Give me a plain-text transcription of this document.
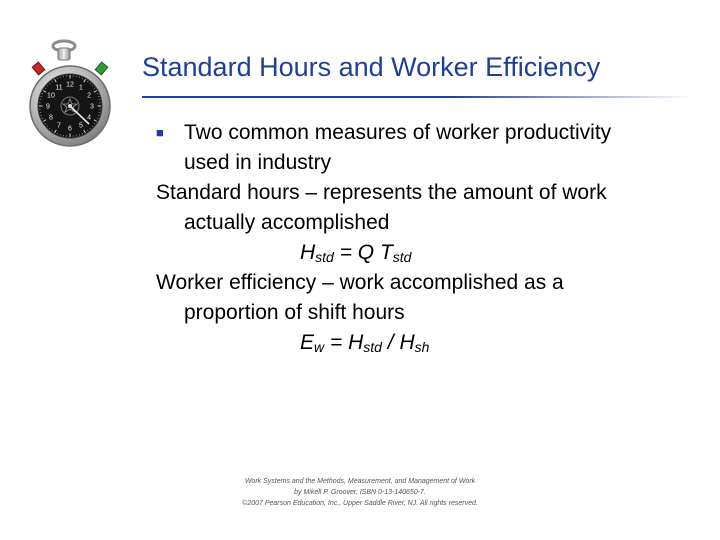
12 1
2
3
4
5
6
7
8
9
10
11
Standard Hours and Worker Efficiency
■ Two common measures of worker productivity
used in industry
Standard hours – represents the amount of work
actually accomplished
$H_{std} = Q$ $T_{std}$
Worker efficiency – work accomplished as a
proportion of shift hours
$E_w = H_{std} / H_{sh}$
Work Systems and the Methods, Measurement, and Management of Work
by Mikell P. Groover, ISBN 0-13-140650-7.
©2007 Pearson Education, Inc., Upper Saddle River, NJ. All rights reserved.
